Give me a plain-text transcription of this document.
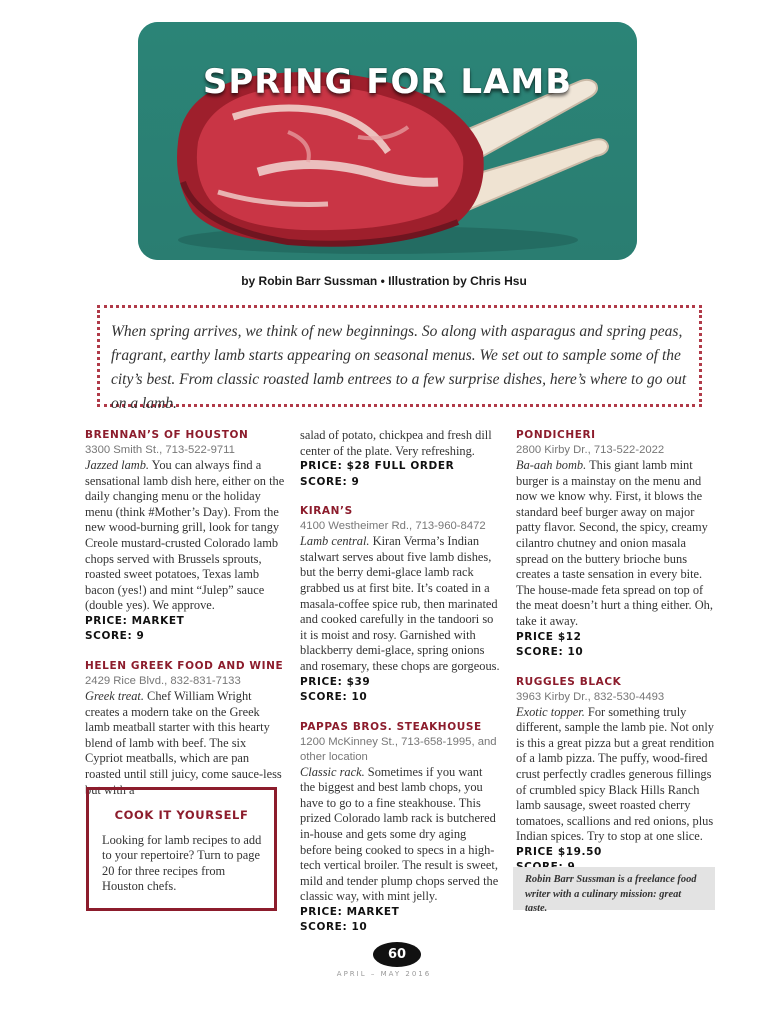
SPRING FOR LAMB
by Robin Barr Sussman • Illustration by Chris Hsu
When spring arrives, we think of new beginnings. So along with asparagus and spring peas, fragrant, earthy lamb starts appearing on seasonal menus. We set out to sample some of the city’s best. From classic roasted lamb entrees to a few surprise dishes, here’s where to go out on a lamb.
BRENNAN’S OF HOUSTON
3300 Smith St., 713-522-9711
Jazzed lamb. You can always find a sensational lamb dish here, either on the daily changing menu or the holiday menu (think #Mother’s Day). From the new wood-burning grill, look for tangy Creole mustard-crusted Colorado lamb chops served with Brussels sprouts, roasted sweet potatoes, Texas lamb bacon (yes!) and mint “Julep” sauce (double yes). We approve.
PRICE: MARKET
SCORE: 9
HELEN GREEK FOOD AND WINE
2429 Rice Blvd., 832-831-7133
Greek treat. Chef William Wright creates a modern take on the Greek lamb meatball starter with this hearty blend of lamb with beef. The six Cypriot meatballs, which are pan roasted until still juicy, come sauce-less but with a
COOK IT YOURSELF
Looking for lamb recipes to add to your repertoire? Turn to page 20 for three recipes from Houston chefs.
salad of potato, chickpea and fresh dill center of the plate. Very refreshing.
PRICE: $28 FULL ORDER
SCORE: 9
KIRAN’S
4100 Westheimer Rd., 713-960-8472
Lamb central. Kiran Verma’s Indian stalwart serves about five lamb dishes, but the berry demi-glace lamb rack grabbed us at first bite. It’s coated in a masala-coffee spice rub, then marinated and cooked carefully in the tandoori so it is moist and rosy. Garnished with blackberry demi-glace, spring onions and rosemary, these chops are gorgeous.
PRICE: $39
SCORE: 10
PAPPAS BROS. STEAKHOUSE
1200 McKinney St., 713-658-1995, and other location
Classic rack. Sometimes if you want the biggest and best lamb chops, you have to go to a fine steakhouse. This prized Colorado lamb rack is butchered in-house and gets some dry aging before being cooked to specs in a high-tech vertical broiler. The result is sweet, mild and tender plump chops served the classic way, with mint jelly.
PRICE: MARKET
SCORE: 10
PONDICHERI
2800 Kirby Dr., 713-522-2022
Ba-aah bomb. This giant lamb mint burger is a mainstay on the menu and now we know why. First, it blows the standard beef burger away on major patty flavor. Second, the spicy, creamy cilantro chutney and onion masala spread on the buttery brioche buns creates a taste sensation in every bite. The house-made feta spread on top of the meat doesn’t hurt a thing either. Oh, take it away.
PRICE $12
SCORE: 10
RUGGLES BLACK
3963 Kirby Dr., 832-530-4493
Exotic topper. For something truly different, sample the lamb pie. Not only is this a great pizza but a great rendition of a lamb pizza. The puffy, wood-fired crust perfectly cradles generous fillings of crumbled spicy Black Hills Ranch lamb sausage, sweet roasted cherry tomatoes, scallions and red onions, plus Indian spices. Try to stop at one slice.
PRICE $19.50
Robin Barr Sussman is a freelance food writer with a culinary mission: great taste.
60
APRIL – MAY 2016
